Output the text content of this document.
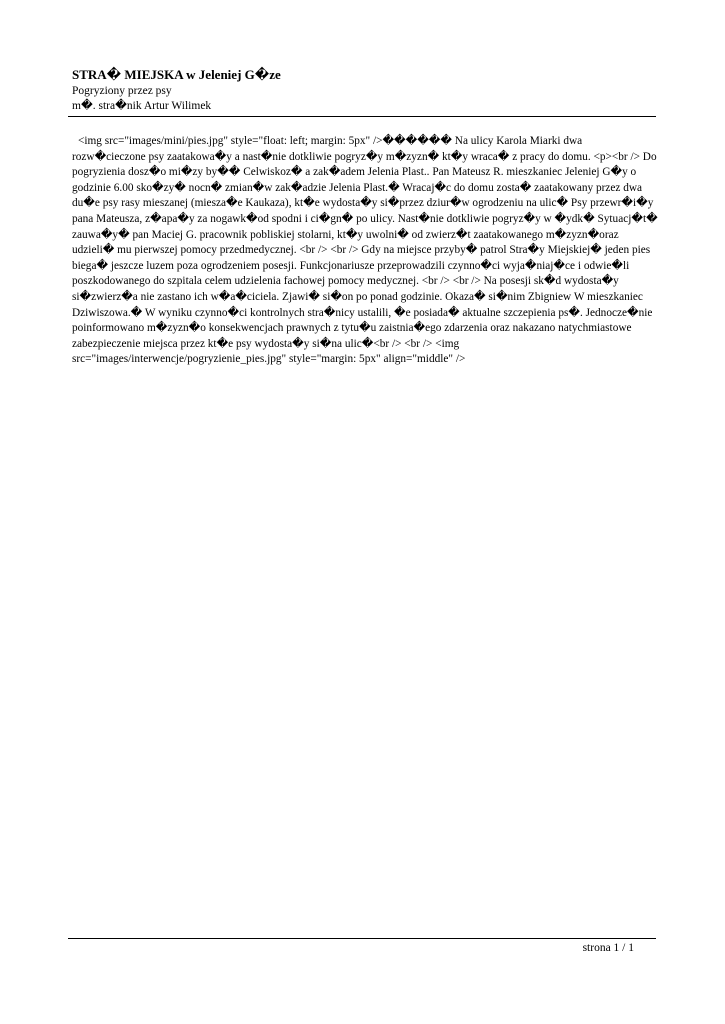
STRA� MIEJSKA w Jeleniej G�ze

Pogryziony przez psy

m�. stra�nik Artur Wilimek

<img src="images/mini/pies.jpg" style="float: left; margin: 5px" />������ Na ulicy Karola Miarki dwa rozw�cieczone psy zaatakowa�y a nast�nie dotkliwie pogryz�y m�zyzn� kt�y wraca� z pracy do domu. <p><br /> Do pogryzienia dosz�o mi�zy by�� Celwiskoz� a zak�adem Jelenia Plast.. Pan Mateusz R. mieszkaniec Jeleniej G�y o godzinie 6.00 sko�zy� nocn� zmian�w zak�adzie Jelenia Plast.� Wracaj�c do domu zosta� zaatakowany przez dwa du�e psy rasy mieszanej (miesza�e Kaukaza), kt�e wydosta�y si�przez dziur�w ogrodzeniu na ulic� Psy przewr�i�y pana Mateusza, z�apa�y za nogawk�od spodni i ci�gn� po ulicy. Nast�nie dotkliwie pogryz�y w �ydk� Sytuacj�t� zauwa�y� pan Maciej G. pracownik pobliskiej stolarni, kt�y uwolni� od zwierz�t zaatakowanego m�zyzn�oraz udzieli� mu pierwszej pomocy przedmedycznej. <br /> <br /> Gdy na miejsce przyby� patrol Stra�y Miejskiej� jeden pies biega� jeszcze luzem poza ogrodzeniem posesji. Funkcjonariusze przeprowadzili czynno�ci wyja�niaj�ce i odwie�li poszkodowanego do szpitala celem udzielenia fachowej pomocy medycznej. <br /> <br /> Na posesji sk�d wydosta�y si�zwierz�a nie zastano ich w�a�ciciela. Zjawi� si�on po ponad godzinie. Okaza� si�nim Zbigniew W mieszkaniec Dziwiszowa.� W wyniku czynno�ci kontrolnych stra�nicy ustalili, �e posiada� aktualne szczepienia ps�. Jednocze�nie poinformowano m�zyzn�o konsekwencjach prawnych z tytu�u zaistnia�ego zdarzenia oraz nakazano natychmiastowe zabezpieczenie miejsca przez kt�e psy wydosta�y si�na ulic�<br /> <br /> <img src="images/interwencje/pogryzienie_pies.jpg" style="margin: 5px" align="middle" />

strona 1 / 1
